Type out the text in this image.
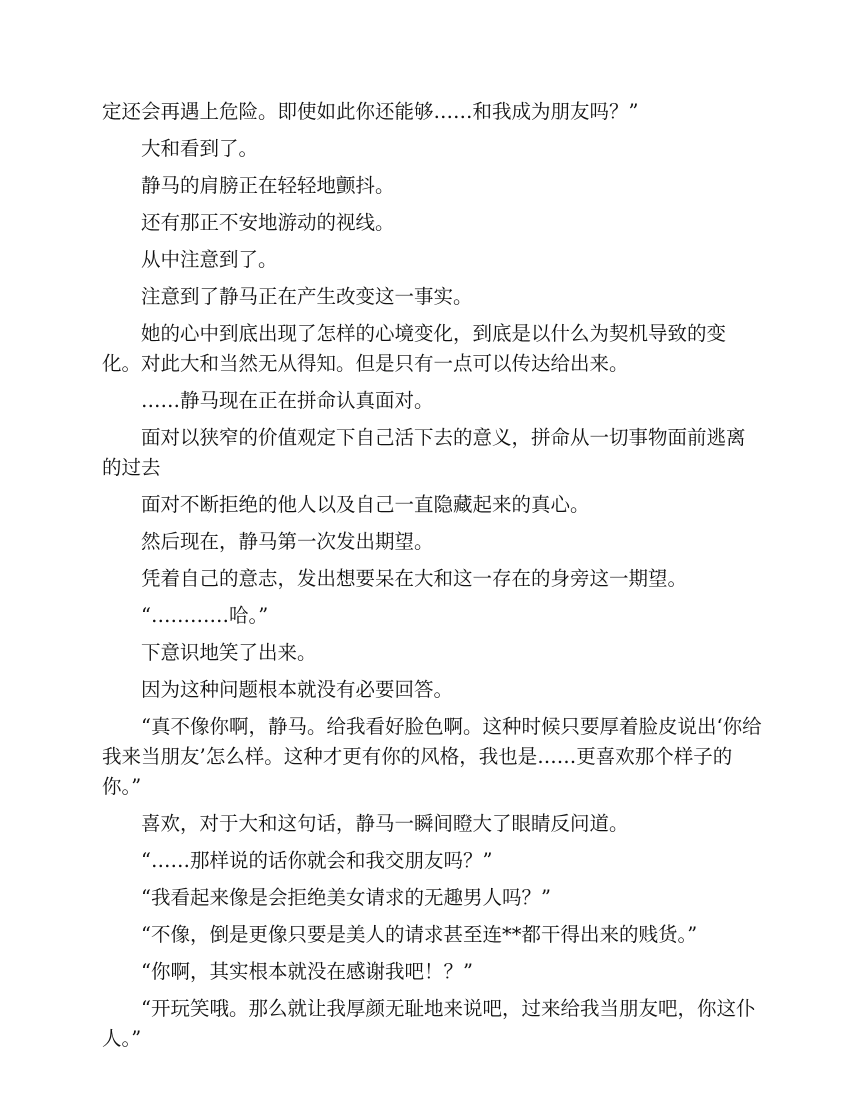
定还会再遇上危险。即使如此你还能够……和我成为朋友吗？”

大和看到了。

静马的肩膀正在轻轻地颤抖。

还有那正不安地游动的视线。

从中注意到了。

注意到了静马正在产生改变这一事实。

她的心中到底出现了怎样的心境变化，到底是以什么为契机导致的变化。对此大和当然无从得知。但是只有一点可以传达给出来。

……静马现在正在拼命认真面对。

面对以狭窄的价值观定下自己活下去的意义，拼命从一切事物面前逃离的过去

面对不断拒绝的他人以及自己一直隐藏起来的真心。

然后现在，静马第一次发出期望。

凭着自己的意志，发出想要呆在大和这一存在的身旁这一期望。

“…………哈。”

下意识地笑了出来。

因为这种问题根本就没有必要回答。

“真不像你啊，静马。给我看好脸色啊。这种时候只要厚着脸皮说出‘你给我来当朋友’怎么样。这种才更有你的风格，我也是……更喜欢那个样子的你。”

喜欢，对于大和这句话，静马一瞬间瞪大了眼睛反问道。

“……那样说的话你就会和我交朋友吗？”

“我看起来像是会拒绝美女请求的无趣男人吗？”

“不像，倒是更像只要是美人的请求甚至连**都干得出来的贱货。”

“你啊，其实根本就没在感谢我吧！？”

“开玩笑哦。那么就让我厚颜无耻地来说吧，过来给我当朋友吧，你这仆人。”
